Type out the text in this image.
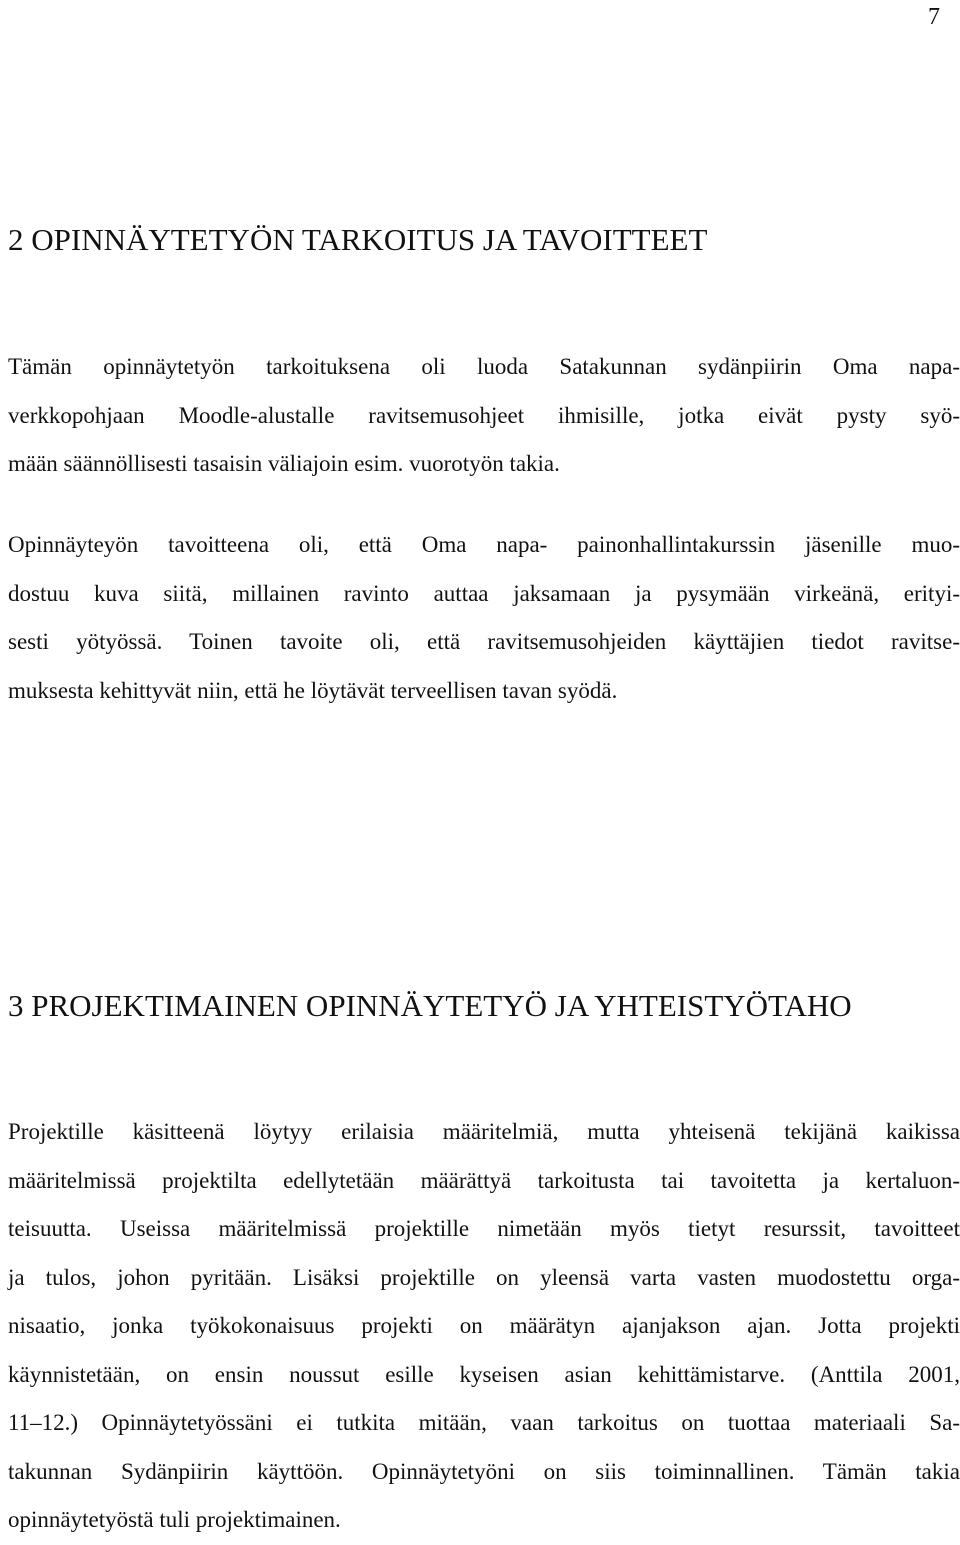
7
2 OPINNÄYTETYÖN TARKOITUS JA TAVOITTEET
Tämän opinnäytetyön tarkoituksena oli luoda Satakunnan sydänpiirin Oma napa-
verkkopohjaan Moodle-alustalle ravitsemusohjeet ihmisille, jotka eivät pysty syö-
mään säännöllisesti tasaisin väliajoin esim. vuorotyön takia.
Opinnäyteyön tavoitteena oli, että Oma napa- painonhallintakurssin jäsenille muo-
dostuu kuva siitä, millainen ravinto auttaa jaksamaan ja pysymään virkeänä, erityi-
sesti yötyössä. Toinen tavoite oli, että ravitsemusohjeiden käyttäjien tiedot ravitse-
muksesta kehittyvät niin, että he löytävät terveellisen tavan syödä.
3 PROJEKTIMAINEN OPINNÄYTETYÖ JA YHTEISTYÖTAHO
Projektille käsitteenä löytyy erilaisia määritelmiä, mutta yhteisenä tekijänä kaikissa
määritelmissä projektilta edellytetään määrättyä tarkoitusta tai tavoitetta ja kertaluon-
teisuutta. Useissa määritelmissä projektille nimetään myös tietyt resurssit, tavoitteet
ja tulos, johon pyritään. Lisäksi projektille on yleensä varta vasten muodostettu orga-
nisaatio, jonka työkokonaisuus projekti on määrätyn ajanjakson ajan. Jotta projekti
käynnistetään, on ensin noussut esille kyseisen asian kehittämistarve. (Anttila 2001,
11–12.) Opinnäytetyössäni ei tutkita mitään, vaan tarkoitus on tuottaa materiaali Sa-
takunnan Sydänpiirin käyttöön. Opinnäytetyöni on siis toiminnallinen. Tämän takia
opinnäytetyöstä tuli projektimainen.
